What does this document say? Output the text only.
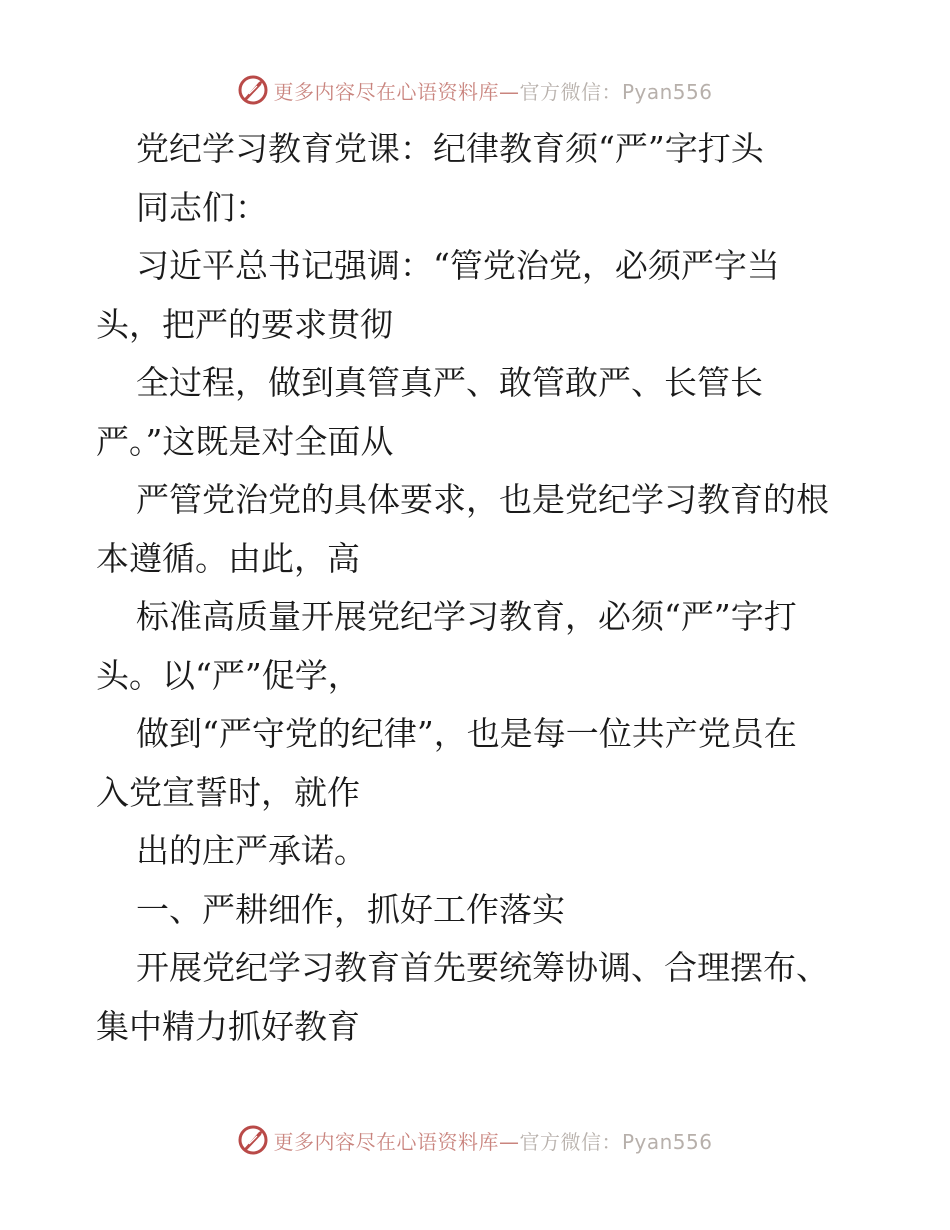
更多内容尽在心语资料库—官方微信：Pyan556
党纪学习教育党课：纪律教育须“严”字打头
同志们：
习近平总书记强调：“管党治党，必须严字当
头，把严的要求贯彻
全过程，做到真管真严、敢管敢严、长管长
严。”这既是对全面从
严管党治党的具体要求，也是党纪学习教育的根
本遵循。由此，高
标准高质量开展党纪学习教育，必须“严”字打
头。以“严”促学，
做到“严守党的纪律”，也是每一位共产党员在
入党宣誓时，就作
出的庄严承诺。
一、严耕细作，抓好工作落实
开展党纪学习教育首先要统筹协调、合理摆布、
集中精力抓好教育
更多内容尽在心语资料库—官方微信：Pyan556
